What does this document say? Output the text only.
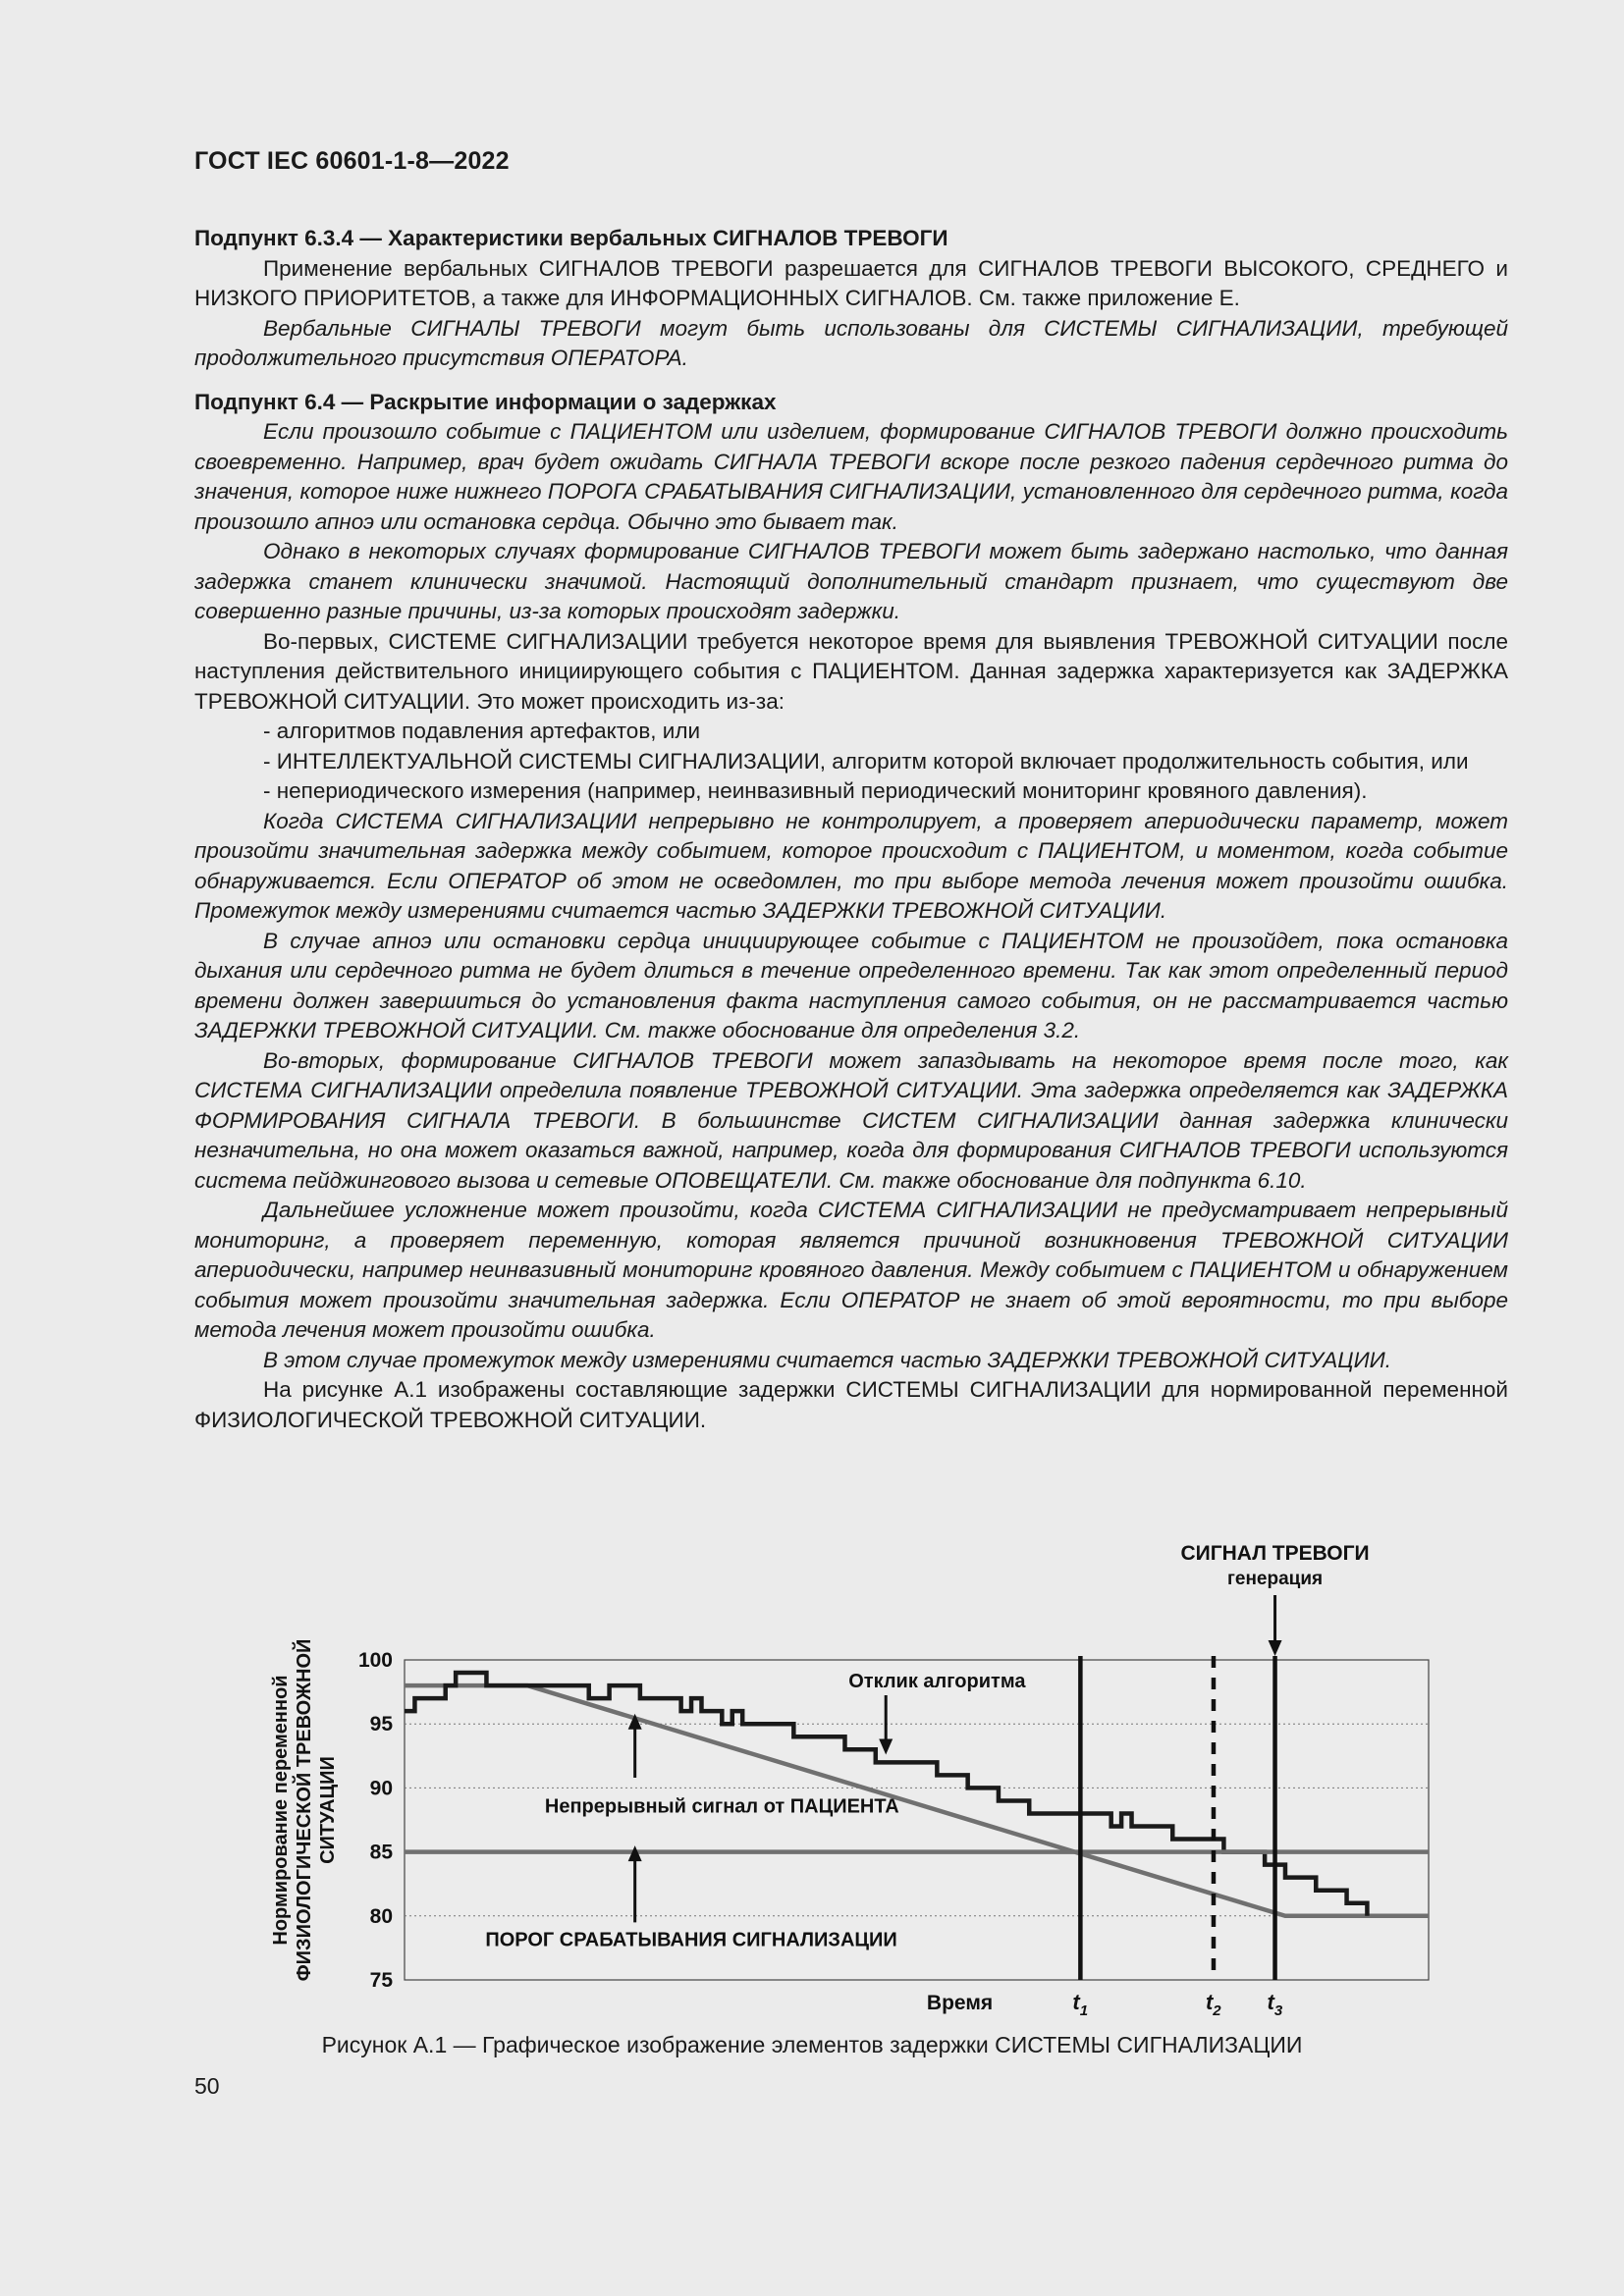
ГОСТ IEC 60601-1-8—2022

Подпункт 6.3.4 — Характеристики вербальных СИГНАЛОВ ТРЕВОГИ

Применение вербальных СИГНАЛОВ ТРЕВОГИ разрешается для СИГНАЛОВ ТРЕВОГИ ВЫСОКОГО, СРЕДНЕГО и НИЗКОГО ПРИОРИТЕТОВ, а также для ИНФОРМАЦИОННЫХ СИГНАЛОВ. См. также приложение Е.

Вербальные СИГНАЛЫ ТРЕВОГИ могут быть использованы для СИСТЕМЫ СИГНАЛИЗАЦИИ, требующей продолжительного присутствия ОПЕРАТОРА.

Подпункт 6.4 — Раскрытие информации о задержках

Если произошло событие с ПАЦИЕНТОМ или изделием, формирование СИГНАЛОВ ТРЕВОГИ должно происходить своевременно. Например, врач будет ожидать СИГНАЛА ТРЕВОГИ вскоре после резкого падения сердечного ритма до значения, которое ниже нижнего ПОРОГА СРАБАТЫВАНИЯ СИГНАЛИЗАЦИИ, установленного для сердечного ритма, когда произошло апноэ или остановка сердца. Обычно это бывает так.

Однако в некоторых случаях формирование СИГНАЛОВ ТРЕВОГИ может быть задержано настолько, что данная задержка станет клинически значимой. Настоящий дополнительный стандарт признает, что существуют две совершенно разные причины, из-за которых происходят задержки.

Во-первых, СИСТЕМЕ СИГНАЛИЗАЦИИ требуется некоторое время для выявления ТРЕВОЖНОЙ СИТУАЦИИ после наступления действительного инициирующего события с ПАЦИЕНТОМ. Данная задержка характеризуется как ЗАДЕРЖКА ТРЕВОЖНОЙ СИТУАЦИИ. Это может происходить из-за:

- алгоритмов подавления артефактов, или

- ИНТЕЛЛЕКТУАЛЬНОЙ СИСТЕМЫ СИГНАЛИЗАЦИИ, алгоритм которой включает продолжительность события, или

- непериодического измерения (например, неинвазивный периодический мониторинг кровяного давления).

Когда СИСТЕМА СИГНАЛИЗАЦИИ непрерывно не контролирует, а проверяет апериодически параметр, может произойти значительная задержка между событием, которое происходит с ПАЦИЕНТОМ, и моментом, когда событие обнаруживается. Если ОПЕРАТОР об этом не осведомлен, то при выборе метода лечения может произойти ошибка. Промежуток между измерениями считается частью ЗАДЕРЖКИ ТРЕВОЖНОЙ СИТУАЦИИ.

В случае апноэ или остановки сердца инициирующее событие с ПАЦИЕНТОМ не произойдет, пока остановка дыхания или сердечного ритма не будет длиться в течение определенного времени. Так как этот определенный период времени должен завершиться до установления факта наступления самого события, он не рассматривается частью ЗАДЕРЖКИ ТРЕВОЖНОЙ СИТУАЦИИ. См. также обоснование для определения 3.2.

Во-вторых, формирование СИГНАЛОВ ТРЕВОГИ может запаздывать на некоторое время после того, как СИСТЕМА СИГНАЛИЗАЦИИ определила появление ТРЕВОЖНОЙ СИТУАЦИИ. Эта задержка определяется как ЗАДЕРЖКА ФОРМИРОВАНИЯ СИГНАЛА ТРЕВОГИ. В большинстве СИСТЕМ СИГНАЛИЗАЦИИ данная задержка клинически незначительна, но она может оказаться важной, например, когда для формирования СИГНАЛОВ ТРЕВОГИ используются система пейджингового вызова и сетевые ОПОВЕЩАТЕЛИ. См. также обоснование для подпункта 6.10.

Дальнейшее усложнение может произойти, когда СИСТЕМА СИГНАЛИЗАЦИИ не предусматривает непрерывный мониторинг, а проверяет переменную, которая является причиной возникновения ТРЕВОЖНОЙ СИТУАЦИИ апериодически, например неинвазивный мониторинг кровяного давления. Между событием с ПАЦИЕНТОМ и обнаружением события может произойти значительная задержка. Если ОПЕРАТОР не знает об этой вероятности, то при выборе метода лечения может произойти ошибка.

В этом случае промежуток между измерениями считается частью ЗАДЕРЖКИ ТРЕВОЖНОЙ СИТУАЦИИ.

На рисунке А.1 изображены составляющие задержки СИСТЕМЫ СИГНАЛИЗАЦИИ для нормированной переменной ФИЗИОЛОГИЧЕСКОЙ ТРЕВОЖНОЙ СИТУАЦИИ.

100
95
90
85
80
75
Нормирование переменной ФИЗИОЛОГИЧЕСКОЙ ТРЕВОЖНОЙ СИТУАЦИИ
$t_1$	$t_2$ $t_3$
Время
СИГНАЛ ТРЕВОГИ
генерация
Отклик алгоритма
Непрерывный сигнал от ПАЦИЕНТА
ПОРОГ СРАБАТЫВАНИЯ СИГНАЛИЗАЦИИ
Рисунок А.1 — Графическое изображение элементов задержки СИСТЕМЫ СИГНАЛИЗАЦИИ
50
